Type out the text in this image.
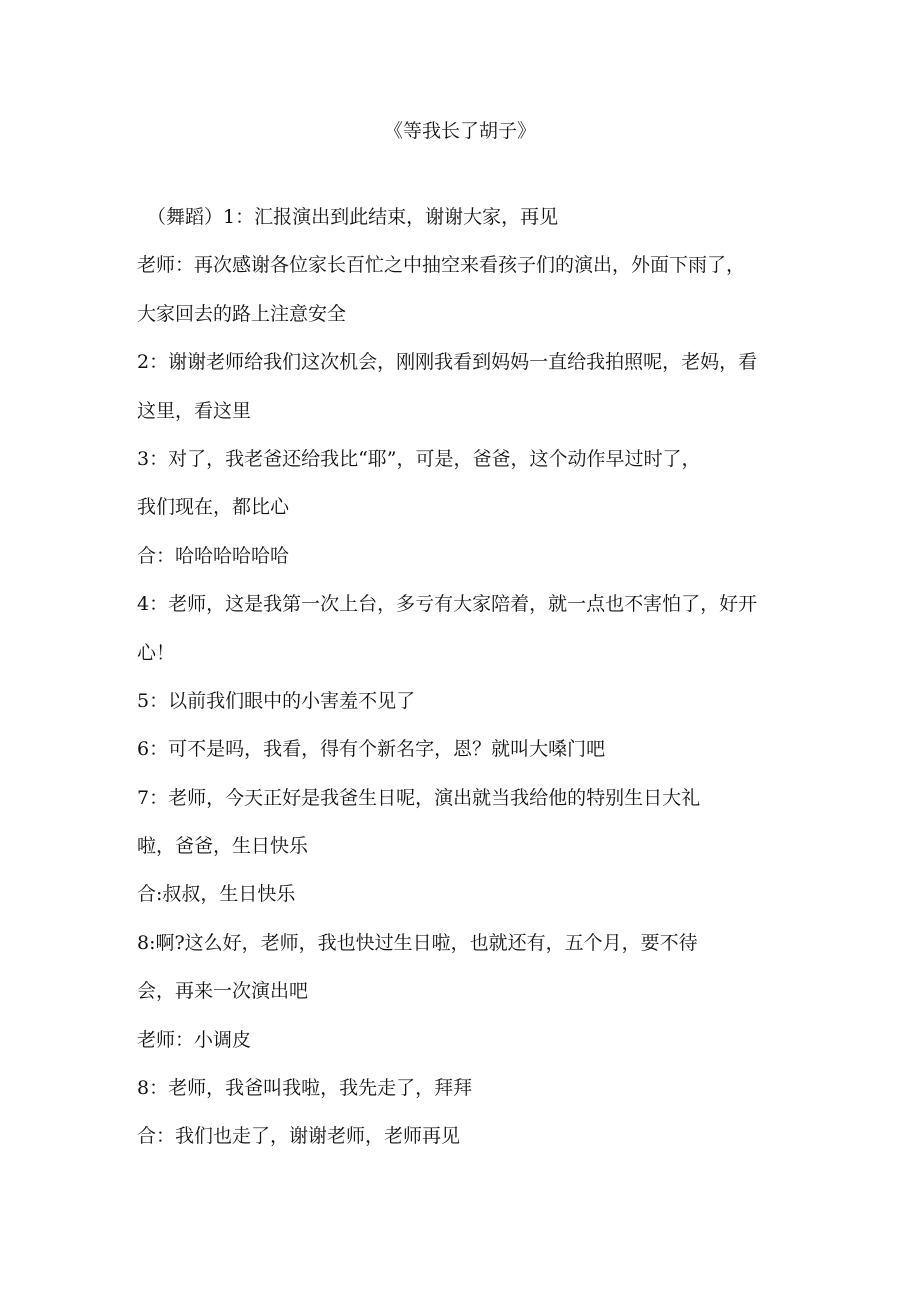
《等我长了胡子》
（舞蹈）1：汇报演出到此结束，谢谢大家，再见
老师：再次感谢各位家长百忙之中抽空来看孩子们的演出，外面下雨了，
大家回去的路上注意安全
2：谢谢老师给我们这次机会，刚刚我看到妈妈一直给我拍照呢，老妈，看
这里，看这里
3：对了，我老爸还给我比“耶”，可是，爸爸，这个动作早过时了，
我们现在，都比心
合：哈哈哈哈哈哈
4：老师，这是我第一次上台，多亏有大家陪着，就一点也不害怕了，好开
心！
5：以前我们眼中的小害羞不见了
6：可不是吗，我看，得有个新名字，恩？就叫大嗓门吧
7：老师，今天正好是我爸生日呢，演出就当我给他的特别生日大礼
啦，爸爸，生日快乐
合:叔叔，生日快乐
8:啊?这么好，老师，我也快过生日啦，也就还有，五个月，要不待
会，再来一次演出吧
老师：小调皮
8：老师，我爸叫我啦，我先走了，拜拜
合：我们也走了，谢谢老师，老师再见
